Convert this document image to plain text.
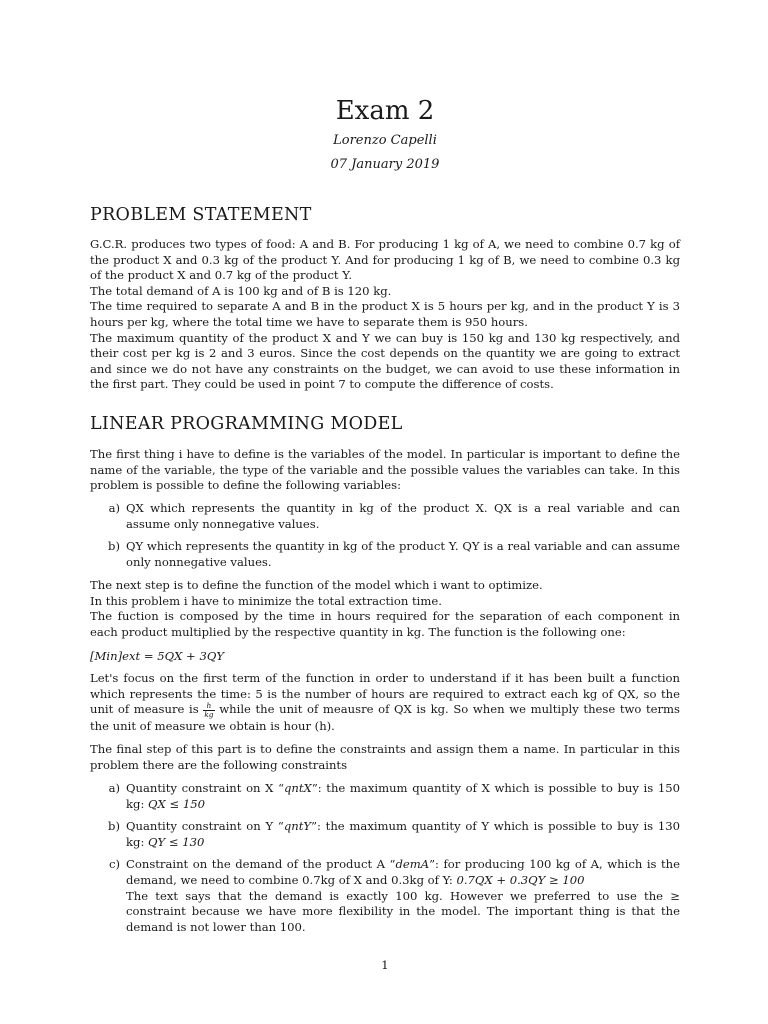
Exam 2
Lorenzo Capelli
07 January 2019
PROBLEM STATEMENT

G.C.R. produces two types of food: A and B. For producing 1 kg of A, we need to combine 0.7 kg of the product X and 0.3 kg of the product Y. And for producing 1 kg of B, we need to combine 0.3 kg of the product X and 0.7 kg of the product Y.

The total demand of A is 100 kg and of B is 120 kg.

The time required to separate A and B in the product X is 5 hours per kg, and in the product Y is 3 hours per kg, where the total time we have to separate them is 950 hours.

The maximum quantity of the product X and Y we can buy is 150 kg and 130 kg respectively, and their cost per kg is 2 and 3 euros. Since the cost depends on the quantity we are going to extract and since we do not have any constraints on the budget, we can avoid to use these information in the first part. They could be used in point 7 to compute the difference of costs.

LINEAR PROGRAMMING MODEL

The first thing i have to define is the variables of the model. In particular is important to define the name of the variable, the type of the variable and the possible values the variables can take. In this problem is possible to define the following variables:

a) QX which represents the quantity in kg of the product X. QX is a real variable and can assume only nonnegative values.
b) QY which represents the quantity in kg of the product Y. QY is a real variable and can assume only nonnegative values.

The next step is to define the function of the model which i want to optimize.

In this problem i have to minimize the total extraction time.

The fuction is composed by the time in hours required for the separation of each component in each product multiplied by the respective quantity in kg. The function is the following one:

[Min]ext = 5QX + 3QY

Let's focus on the first term of the function in order to understand if it has been built a function which represents the time: 5 is the number of hours are required to extract each kg of QX, so the unit of measure is $\frac{h}{kg}$ while the unit of meausre of QX is kg. So when we multiply these two terms the unit of measure we obtain is hour (h).

The final step of this part is to define the constraints and assign them a name. In particular in this problem there are the following constraints

a) Quantity constraint on X “qntX”: the maximum quantity of X which is possible to buy is 150 kg: QX ≤ 150
b) Quantity constraint on Y “qntY”: the maximum quantity of Y which is possible to buy is 130 kg: QY ≤ 130
c) Constraint on the demand of the product A “demA”: for producing 100 kg of A, which is the demand, we need to combine 0.7kg of X and 0.3kg of Y: 0.7QX + 0.3QY ≥ 100
The text says that the demand is exactly 100 kg. However we preferred to use the ≥ constraint because we have more flexibility in the model. The important thing is that the demand is not lower than 100.
1
